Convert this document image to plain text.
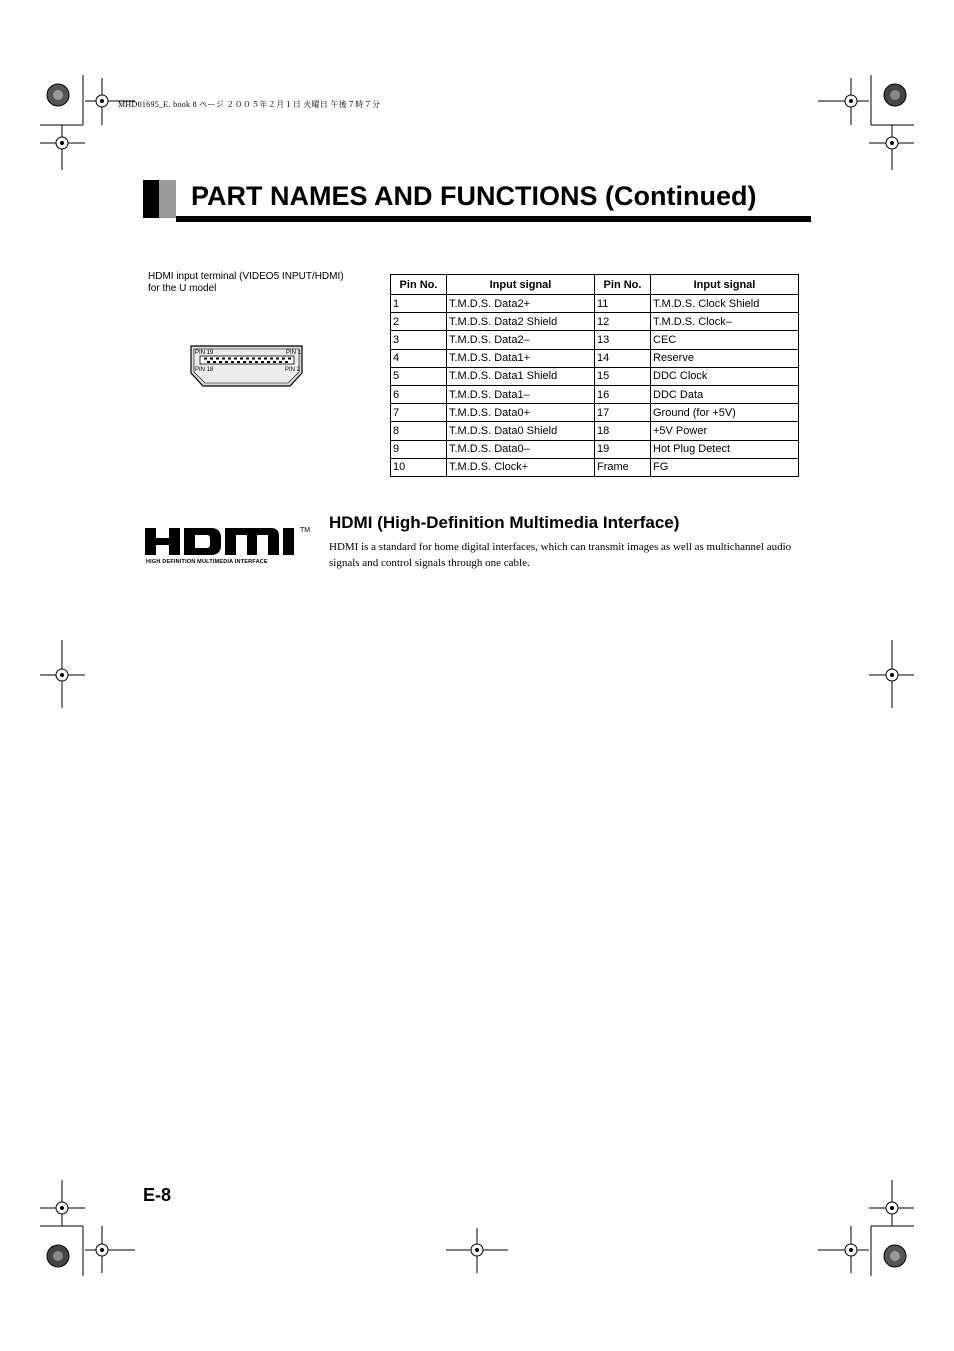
MHD01695_E. book 8 ページ ２００５年２月１日 火曜日 午後７時７分
PART NAMES AND FUNCTIONS (Continued)
HDMI input terminal (VIDEO5 INPUT/HDMI)
for the U model
PIN 19	PIN 1
PIN 18	PIN 2
Pin No.	Input signal	Pin No.	Input signal
1	T.M.D.S. Data2+	11	T.M.D.S. Clock Shield
2	T.M.D.S. Data2 Shield	12	T.M.D.S. Clock–
3	T.M.D.S. Data2–	13	CEC
4	T.M.D.S. Data1+	14	Reserve
5	T.M.D.S. Data1 Shield	15	DDC Clock
6	T.M.D.S. Data1–	16	DDC Data
7	T.M.D.S. Data0+	17	Ground (for +5V)
8	T.M.D.S. Data0 Shield	18	+5V Power
9	T.M.D.S. Data0–	19	Hot Plug Detect
10	T.M.D.S. Clock+	Frame	FG
TM
HIGH DEFINITION MULTIMEDIA INTERFACE
HDMI (High-Definition Multimedia Interface)
HDMI is a standard for home digital interfaces, which can transmit images as well as multichannel audio signals and control signals through one cable.
E-8
